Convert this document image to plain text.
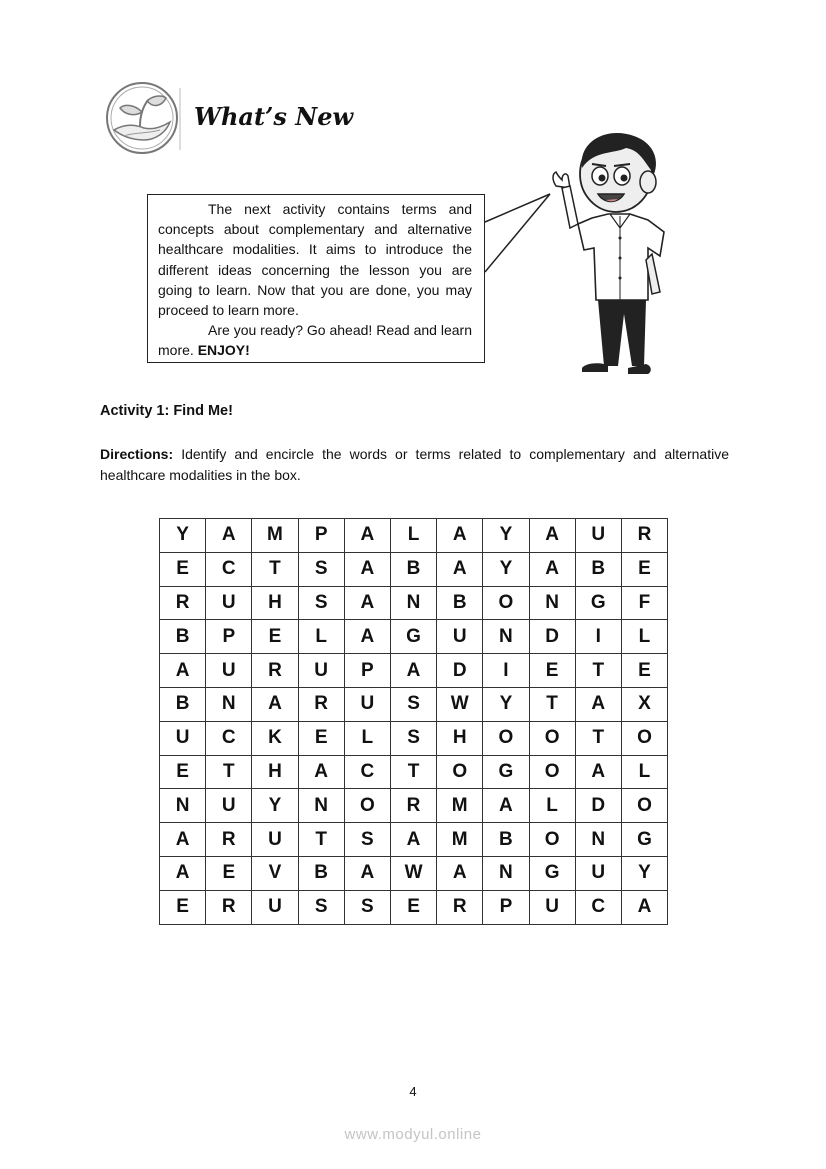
What’s New

The next activity contains terms and concepts about complementary and alternative healthcare modalities. It aims to introduce the different ideas concerning the lesson you are going to learn. Now that you are done, you may proceed to learn more.

Are you ready? Go ahead! Read and learn more. ENJOY!

Activity 1: Find Me!
Directions: Identify and encircle the words or terms related to complementary and alternative healthcare modalities in the box.
Y	A	M	P	A	L	A	Y	A	U	R
E	C	T	S	A	B	A	Y	A	B	E
R	U	H	S	A	N	B	O	N	G	F
B	P	E	L	A	G	U	N	D	I	L
A	U	R	U	P	A	D	I	E	T	E
B	N	A	R	U	S	W	Y	T	A	X
U	C	K	E	L	S	H	O	O	T	O
E	T	H	A	C	T	O	G	O	A	L
N	U	Y	N	O	R	M	A	L	D	O
A	R	U	T	S	A	M	B	O	N	G
A	E	V	B	A	W	A	N	G	U	Y
E	R	U	S	S	E	R	P	U	C	A
4
www.modyul.online
